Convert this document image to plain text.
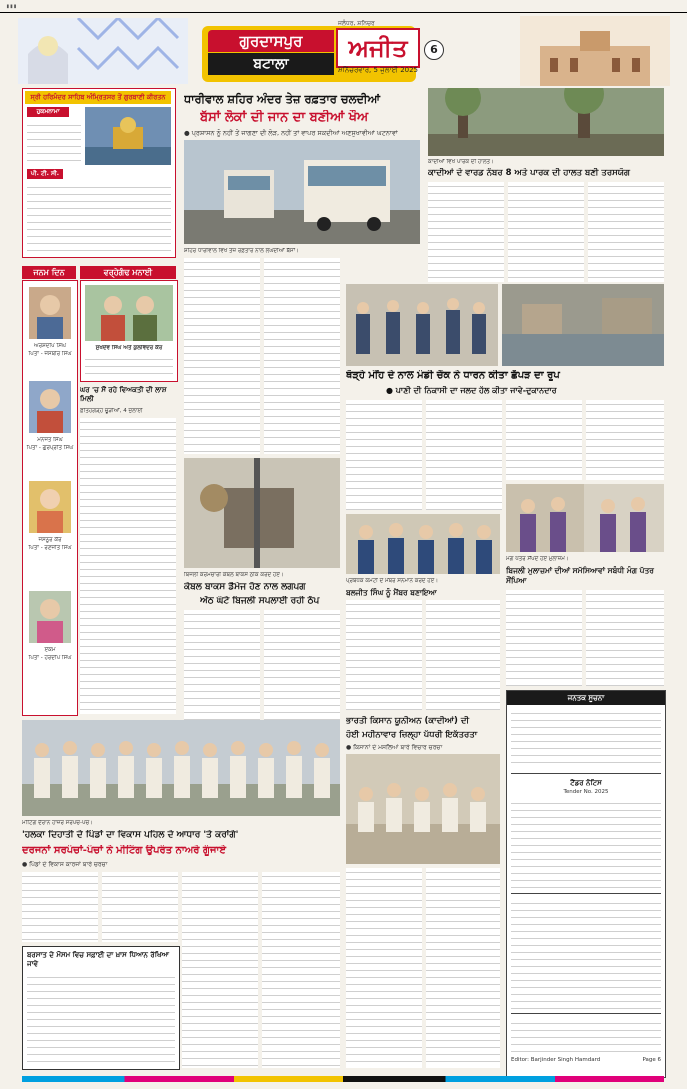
▮▮▮
ਗੁਰਦਾਸਪੁਰ
ਬਟਾਲਾ
ਅਜੀਤ
ਜਲੰਧਰ, ਸ਼ਨਿਚਰ
ਸ਼ਨਿੱਚਰਵਾਰ, 5 ਜੁਲਾਈ 2025
6
ਸ੍ਰੀ ਹਰਿਮੰਦਰ ਸਾਹਿਬ ਅੰਮ੍ਰਿਤਸਰ ਤੋਂ ਗੁਰਬਾਣੀ ਕੀਰਤਨ
ਹੁਕਮਨਾਮਾ
ਪੀ. ਟੀ. ਸੀ.
ਜਨਮ ਦਿਨ
ਅਰਸ਼ਦੀਪ ਸਿੰਘ
ਪਿਤਾ - ਜਸਬੀਰ ਸਿੰਘ
ਮਨਜੋਤ ਸਿੰਘ
ਪਿਤਾ - ਗੁਰਪ੍ਰੀਤ ਸਿੰਘ
ਜਸਨੂਰ ਕੌਰ
ਪਿਤਾ - ਰਣਜੀਤ ਸਿੰਘ
ਏਕਮ
ਪਿਤਾ - ਹਰਦੀਪ ਸਿੰਘ
ਵਰ੍ਹੇਗੰਢ ਮਨਾਈ
ਸੁਖਦੇਵ ਸਿੰਘ ਅਤੇ ਕੁਲਵਿੰਦਰ ਕੌਰ
ਘਰ 'ਚ ਸੌਂ ਰਹੇ ਵਿਅਕਤੀ ਦੀ ਲਾਸ਼ ਮਿਲੀ
ਫ਼ਤਿਹਗੜ੍ਹ ਚੂੜੀਆਂ, 4 ਜੁਲਾਈ
ਧਾਰੀਵਾਲ ਸ਼ਹਿਰ ਅੰਦਰ ਤੇਜ਼ ਰਫ਼ਤਾਰ ਚਲਦੀਆਂ
ਬੱਸਾਂ ਲੋਕਾਂ ਦੀ ਜਾਨ ਦਾ ਬਣੀਆਂ ਖੌਅ
● ਪ੍ਰਸ਼ਾਸਨ ਨੂੰ ਨਹੀਂ ਤੋਂ ਜਾਗਣਾ ਦੀ ਲੋੜ, ਨਹੀਂ ਤਾਂ ਵਾਪਰ ਸਕਦੀਆਂ ਅਣਸੁਖਾਵੀਆਂ ਘਟਨਾਵਾਂ
ਸ਼ਹਿਰ ਧਾਰੀਵਾਲ ਵਿਖੇ ਤੇਜ਼ ਰਫ਼ਤਾਰ ਨਾਲ ਲੰਘਦੀਆਂ ਬੱਸਾਂ।
ਕਾਦੀਆਂ ਵਿਖੇ ਪਾਰਕ ਦੀ ਹਾਲਤ।
ਕਾਦੀਆਂ ਦੇ ਵਾਰਡ ਨੰਬਰ 8 ਅਤੇ ਪਾਰਕ ਦੀ ਹਾਲਤ ਬਣੀ ਤਰਸਯੋਗ
ਥੋੜ੍ਹੇ ਮੀਂਹ ਦੇ ਨਾਲ ਮੰਡੀ ਚੌਕ ਨੇ ਧਾਰਨ ਕੀਤਾ ਛੱਪੜ ਦਾ ਰੂਪ
● ਪਾਣੀ ਦੀ ਨਿਕਾਸੀ ਦਾ ਜਲਦ ਹੱਲ ਕੀਤਾ ਜਾਵੇ-ਦੁਕਾਨਦਾਰ
ਬਿਜਲੀ ਕਰਮਚਾਰੀ ਕੇਬਲ ਬਾਕਸ ਠੀਕ ਕਰਦੇ ਹੋਏ।
ਕੇਬਲ ਬਾਕਸ ਡੈਮੇਜ ਹੋਣ ਨਾਲ ਲਗਪਗ
ਅੱਠ ਘੰਟੇ ਬਿਜਲੀ ਸਪਲਾਈ ਰਹੀ ਠੱਪ
ਪ੍ਰਬੰਧਕ ਕਮੇਟੀ ਦੇ ਮੈਂਬਰ ਸਨਮਾਨ ਕਰਦੇ ਹੋਏ।
ਬਲਜੀਤ ਸਿੰਘ ਨੂੰ ਮੈਂਬਰ ਬਣਾਇਆ
ਮੰਗ ਪੱਤਰ ਸੌਂਪਦੇ ਹੋਏ ਮੁਲਾਜ਼ਮ।
ਬਿਜਲੀ ਮੁਲਾਜ਼ਮਾਂ ਦੀਆਂ ਸਮੱਸਿਆਵਾਂ ਸਬੰਧੀ ਮੰਗ ਪੱਤਰ ਸੌਂਪਿਆ
ਭਾਰਤੀ ਕਿਸਾਨ ਯੂਨੀਅਨ (ਕਾਦੀਆਂ) ਦੀ
ਹੋਈ ਮਹੀਨਾਵਾਰ ਜ਼ਿਲ੍ਹਾ ਪੱਧਰੀ ਇਕੱਤਰਤਾ
● ਕਿਸਾਨਾਂ ਦੇ ਮਸਲਿਆਂ ਬਾਰੇ ਵਿਚਾਰ ਚਰਚਾ
ਜਨਤਕ ਸੂਚਨਾ
ਟੈਂਡਰ ਨੋਟਿਸ
Tender No. 2025
Editor: Barjinder Singh Hamdard	Page 6
ਮੀਟਿੰਗ ਦੌਰਾਨ ਹਾਜ਼ਰ ਸਰਪੰਚ-ਪੰਚ।
'ਹਲਕਾ ਦਿਹਾਤੀ ਦੇ ਪਿੰਡਾਂ ਦਾ ਵਿਕਾਸ ਪਹਿਲ ਦੇ ਆਧਾਰ 'ਤੇ ਕਰਾਂਗੇ'
ਦਰਜਨਾਂ ਸਰਪੰਚਾਂ-ਪੰਚਾਂ ਨੇ ਮੀਟਿੰਗ ਉਪਰੰਤ ਨਾਅਰੇ ਗੂੰਜਾਏ
● ਪਿੰਡਾਂ ਦੇ ਵਿਕਾਸ ਕਾਰਜਾਂ ਬਾਰੇ ਚਰਚਾ
ਬਰਸਾਤ ਦੇ ਮੌਸਮ ਵਿਚ ਸਫ਼ਾਈ ਦਾ ਖ਼ਾਸ ਧਿਆਨ ਰੱਖਿਆ ਜਾਵੇ
